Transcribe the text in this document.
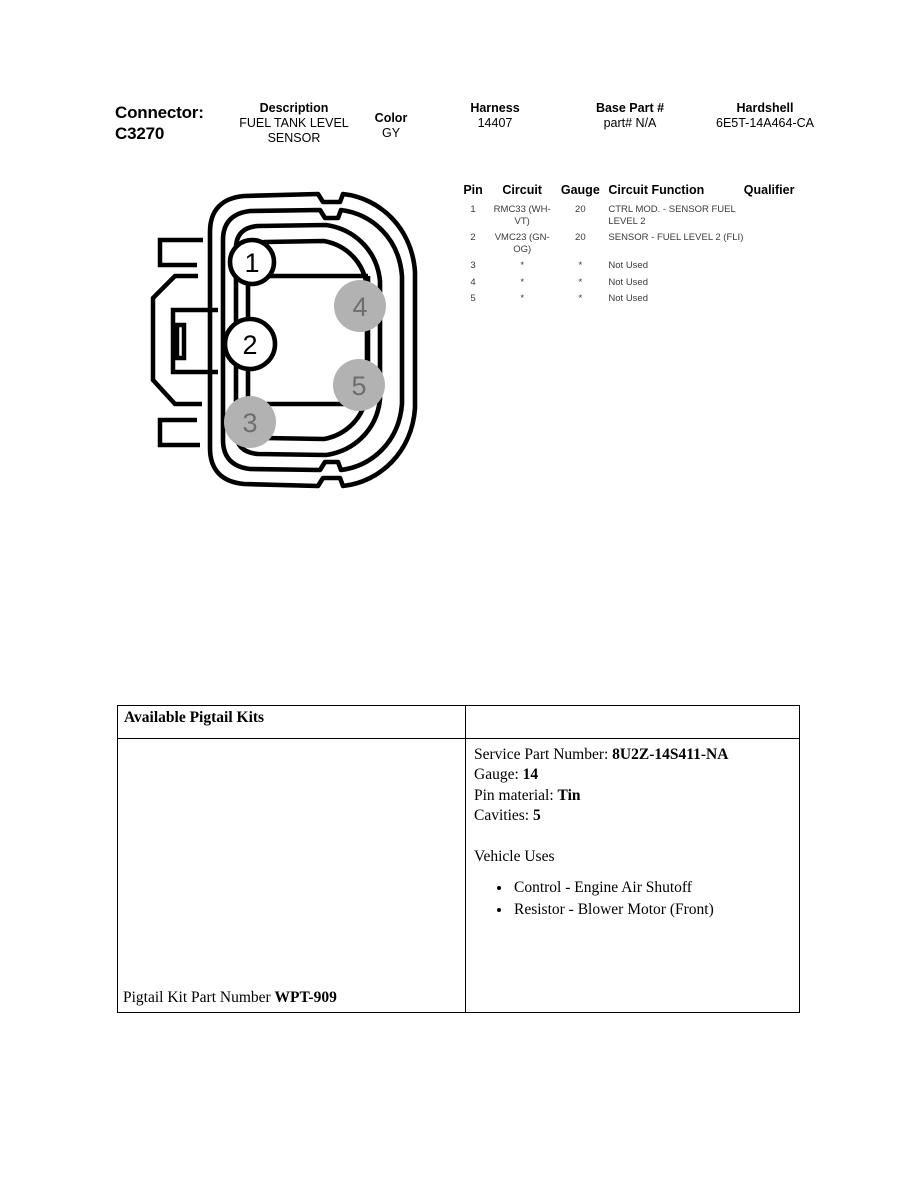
Connector:
C3270
Description
FUEL TANK LEVEL SENSOR
Color
GY
Harness
14407
Base Part #
part# N/A
Hardshell
6E5T-14A464-CA
Pin	Circuit	Gauge	Circuit Function	Qualifier
1	RMC33 (WH-VT)	20	CTRL MOD. - SENSOR FUEL LEVEL 2	
2	VMC23 (GN-OG)	20	SENSOR - FUEL LEVEL 2 (FLI)	
3	*	*	Not Used	
4	*	*	Not Used	
5	*	*	Not Used	
1
2
3
4
5
Available Pigtail Kits	

Pigtail Kit Part Number WPT-909

Service Part Number: 8U2Z-14S411-NA
Gauge: 14
Pin material: Tin
Cavities: 5
Vehicle Uses
• Control - Engine Air Shutoff
• Resistor - Blower Motor (Front)
